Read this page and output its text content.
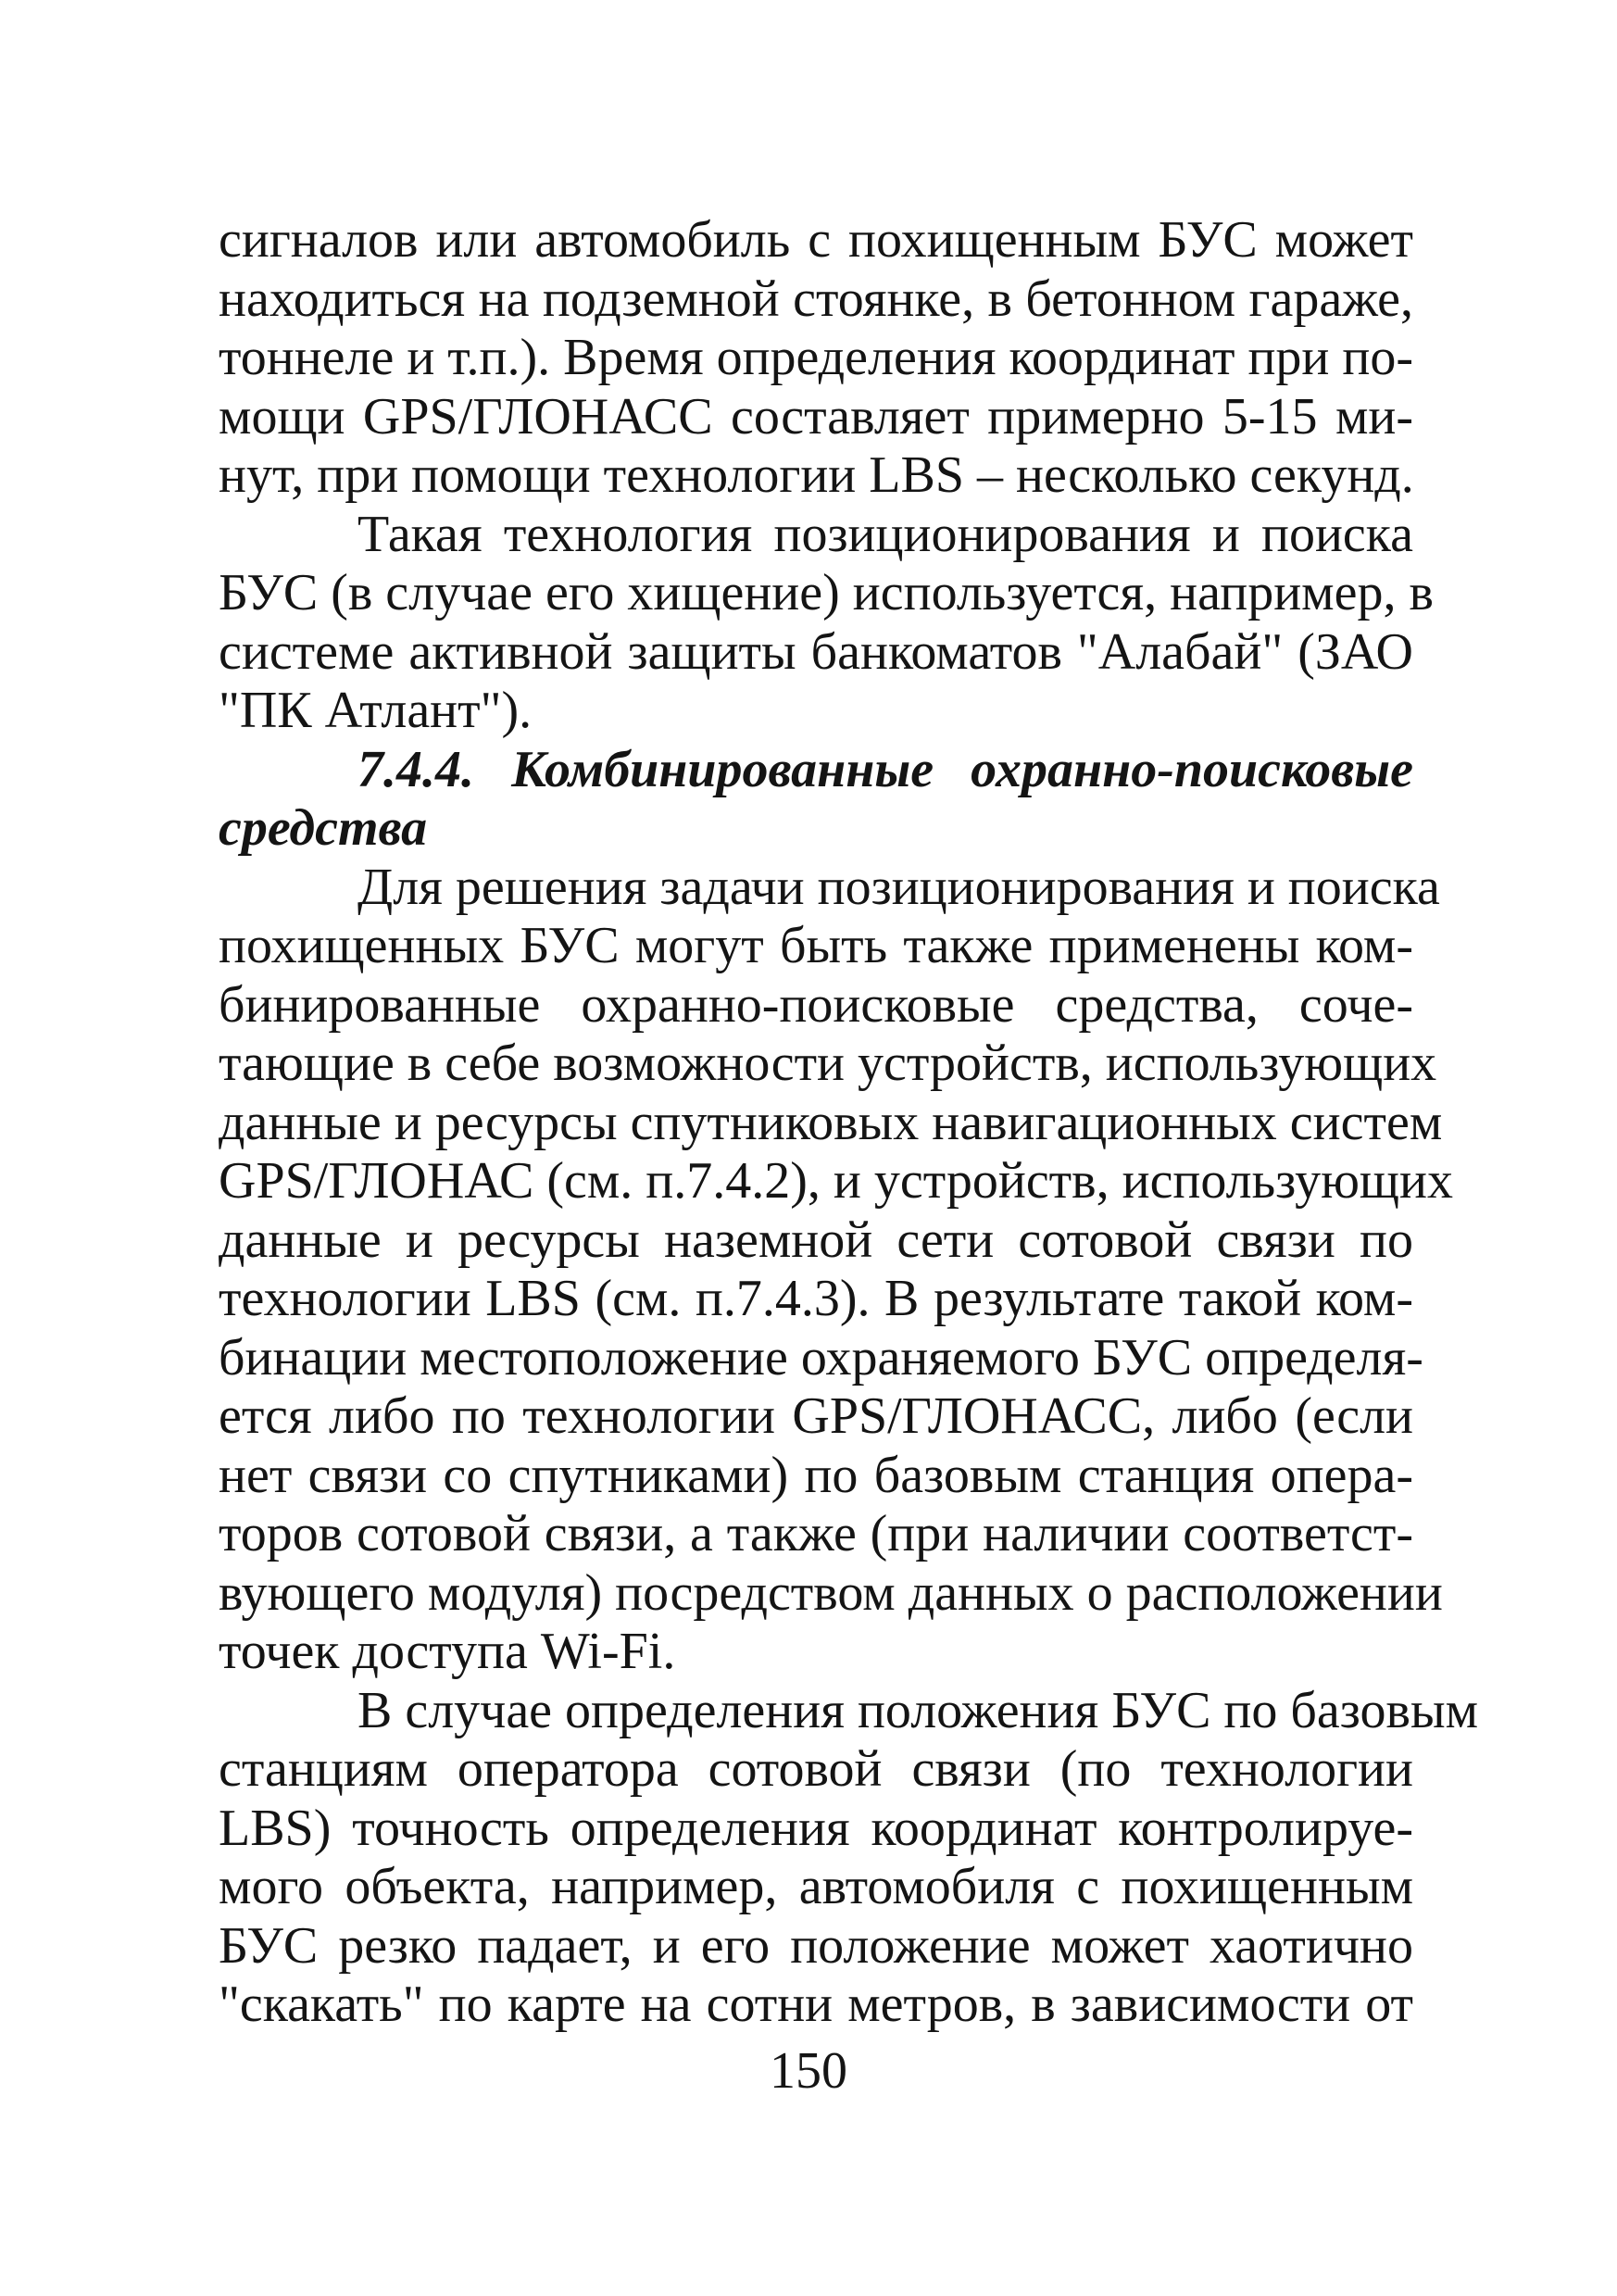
сигналов или автомобиль с похищенным БУС может
находиться на подземной стоянке, в бетонном гараже,
тоннеле и т.п.). Время определения координат при по-
мощи GPS/ГЛОНАСС составляет примерно 5-15 ми-
нут, при помощи технологии LBS – несколько секунд.
Такая технология позиционирования и поиска
БУС (в случае его хищение) используется, например, в
системе активной защиты банкоматов "Алабай" (ЗАО
"ПК Атлант").
7.4.4. Комбинированные охранно-поисковые
средства
Для решения задачи позиционирования и поиска
похищенных БУС могут быть также применены ком-
бинированные охранно-поисковые средства, соче-
тающие в себе возможности устройств, использующих
данные и ресурсы спутниковых навигационных систем
GPS/ГЛОНАС (см. п.7.4.2), и устройств, использующих
данные и ресурсы наземной сети сотовой связи по
технологии LBS (см. п.7.4.3). В результате такой ком-
бинации местоположение охраняемого БУС определя-
ется либо по технологии GPS/ГЛОНАСС, либо (если
нет связи со спутниками) по базовым станция опера-
торов сотовой связи, а также (при наличии соответст-
вующего модуля) посредством данных о расположении
точек доступа Wi-Fi.
В случае определения положения БУС по базовым
станциям оператора сотовой связи (по технологии
LBS) точность определения координат контролируе-
мого объекта, например, автомобиля с похищенным
БУС резко падает, и его положение может хаотично
"скакать" по карте на сотни метров, в зависимости от
150
